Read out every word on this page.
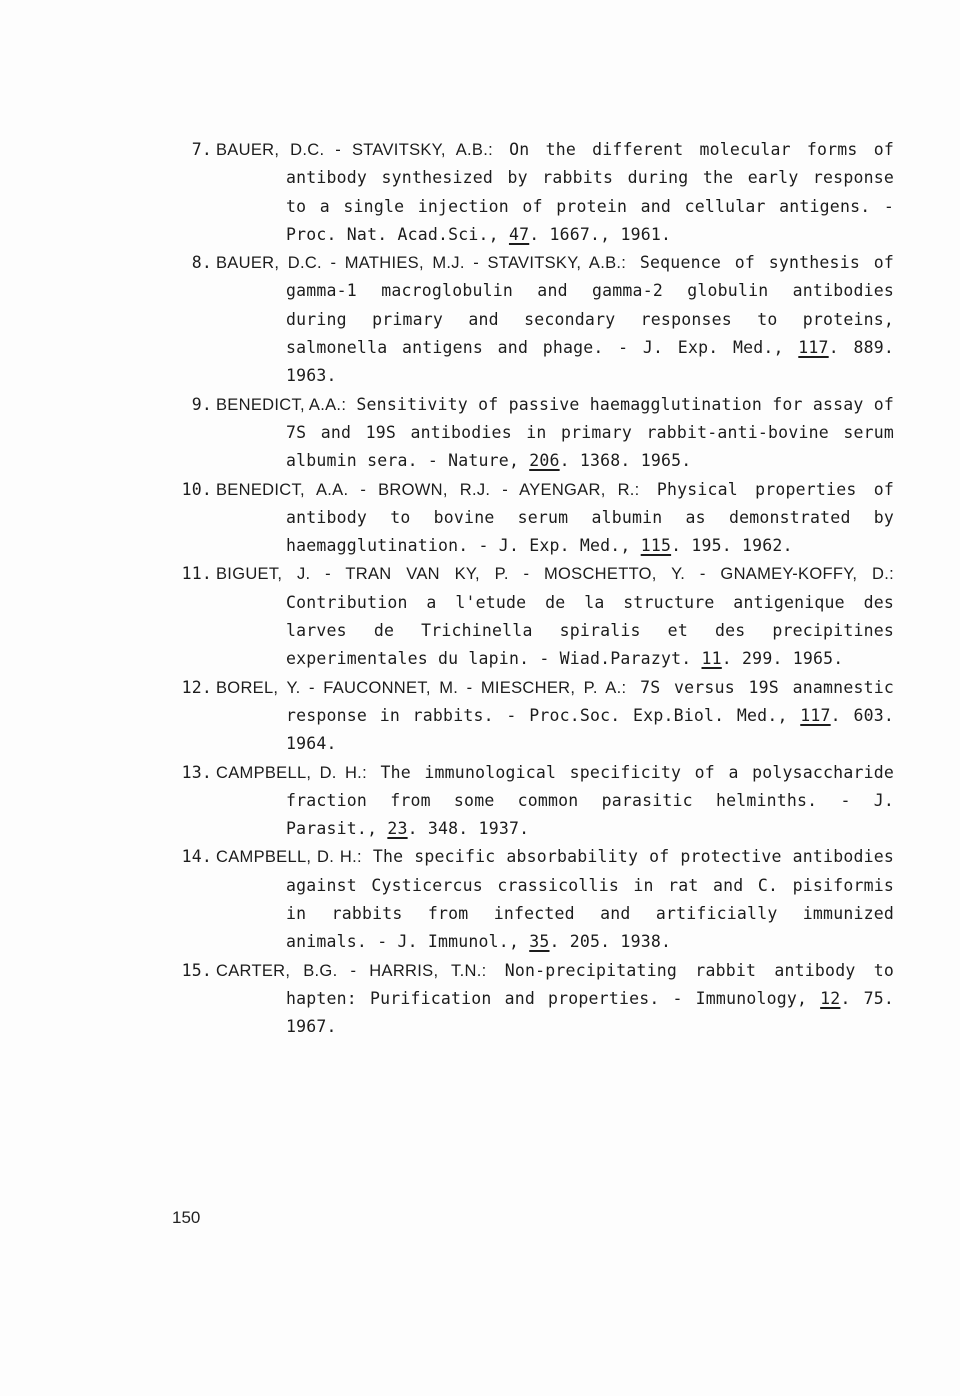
7. BAUER, D.C. - STAVITSKY, A.B.: On the different molecular forms of antibody synthesized by rabbits during the early response to a single injection of protein and cellular antigens. - Proc. Nat. Acad.Sci., 47. 1667., 1961.
8. BAUER, D.C. - MATHIES, M.J. - STAVITSKY, A.B.: Sequence of synthesis of gamma-1 macroglobulin and gamma-2 globulin antibodies during primary and secondary responses to proteins, salmonella antigens and phage. - J. Exp. Med., 117. 889. 1963.
9. BENEDICT, A.A.: Sensitivity of passive haemagglutination for assay of 7S and 19S antibodies in primary rabbit-anti-bovine serum albumin sera. - Nature, 206. 1368. 1965.
10. BENEDICT, A.A. - BROWN, R.J. - AYENGAR, R.: Physical properties of antibody to bovine serum albumin as demonstrated by haemagglutination. - J. Exp. Med., 115. 195. 1962.
11. BIGUET, J. - TRAN VAN KY, P. - MOSCHETTO, Y. - GNAMEY-KOFFY, D.: Contribution a l'etude de la structure antigenique des larves de Trichinella spiralis et des precipitines experimentales du lapin. - Wiad.Parazyt. 11. 299. 1965.
12. BOREL, Y. - FAUCONNET, M. - MIESCHER, P. A.: 7S versus 19S anamnestic response in rabbits. - Proc.Soc. Exp.Biol. Med., 117. 603. 1964.
13. CAMPBELL, D. H.: The immunological specificity of a polysaccharide fraction from some common parasitic helminths. - J. Parasit., 23. 348. 1937.
14. CAMPBELL, D. H.: The specific absorbability of protective antibodies against Cysticercus crassicollis in rat and C. pisiformis in rabbits from infected and artificially immunized animals. - J. Immunol., 35. 205. 1938.
15. CARTER, B.G. - HARRIS, T.N.: Non-precipitating rabbit antibody to hapten: Purification and properties. - Immunology, 12. 75. 1967.
150
